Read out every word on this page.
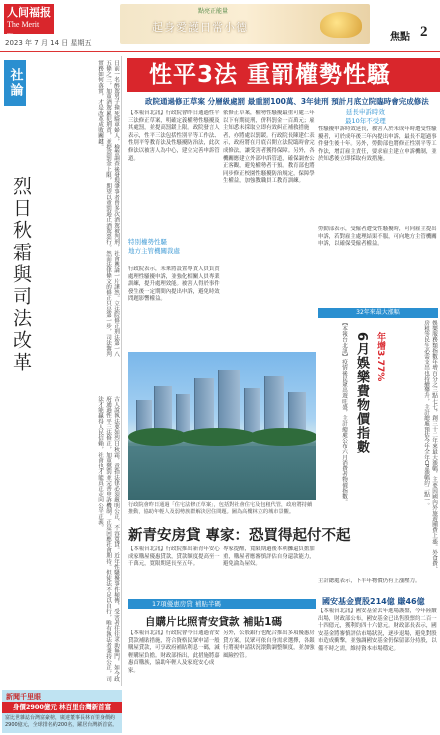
人间福报
The Merit Times
2023 年 7 月 14 日 星期五
點亮正能量
起身愛護日常小德
焦點 2
社論	日前一名醉駕男子撞死騎車婦人，檢警調查後發現肇事者曾多次酒駕被判刑，社會輿論一片譁然。立法院修正刑法第一八五條之三，加重酒駕累犯刑責，並提高罰金上限，期望以重罰遏止酒駕惡行。然而法律條文的修正只是第一步，司法審判實務如何落實，才是改革成敗關鍵。
烈日秋霜與司法改革
古人說執法要如烈日秋霜，意指法律必須嚴明公正、不容寬貸。近年性騷擾事件頻傳，受害者往往求助無門，如今政府通過性平三法修正，加重懲罰並完善申訴機制，正是回應社會期待。但徒法不足以自行，唯有執法者秉持公正，司法才能贏得人民信賴，社會也才能真正走向公平正義。
新聞千里眼
身價2900億元 林百里台灣新首富
富比世雜誌台灣富豪榜，廣達董事長林百里身價約2900億元，全球排名約200名，躍居台灣新首富。
性平3法 重罰權勢性騷
政院通過修正草案 分層級處罰 最重罰100萬、3年徒刑 預計月底立院臨時會完成修法
【本報台北訊】行政院會昨日通過性平三法修正草案，明確定義權勢性騷擾及其處罰，並提高罰鍰上限。政院發言人表示，性平三法包括性別平等工作法、性別平等教育法及性騷擾防治法，此次修法以被害人為中心，建立完善申訴管道。
特別權勢性騷
地方主管機關裁處
行政院表示，未來將設置專責人員負責處理性騷擾申訴，並強化相關人員專業訓練，提升處理效能。被害人得於事件發生後一定期間內提出申訴，避免時效問題影響權益。
依修正草案，權勢性騷擾最重可處三年以下有期徒刑，併科罰金一百萬元；雇主知悉未採取立即有效糾正補救措施者，亦將處以罰鍰。行政院長陳建仁表示，政府將在月底召開立法院臨時會完成修法，讓受害者獲得保障。另外，各機關應建立外部申訴管道，確保調查公正客觀，避免權勢者干預。教育部也將同步修正校園性騷擾防治規定，保障學生權益，加強教職員工教育訓練。
延長申訴時效
最10年不受理
性騷擾申訴時效延長，被害人於未成年時遭受性騷擾者，可於成年後三年內提出申訴，最長不超過事件發生後十年。另外，勞動部也將修正性別平等工作法，增訂雇主責任，要求雇主建立申訴機制，並於知悉後立即採取有效措施。
勞動部表示，受僱者遭受性騷擾時，可向雇主提出申訴，若對雇主處理結果不服，可向地方主管機關申訴，以確保受僱者權益。
32年來最大漲幅
【本報台北訊】疫情後民眾出遊旺盛，主計總處公布六月消費者物價指數。 6月娛樂費物價指數 年增3.77%	娛樂服務類指數年增百分之三點七七，創三十二年來最大漲幅，主要因國內外旅遊團費上漲。外食費、房租等民生必需支出也持續攀升，主計總處預估今年全年CPI漲幅約二點一。
主計總處表示，下半年物價仍有上漲壓力。
國安基金賣股214億 賺46億
【本報台北訊】國安基金去年進場護盤，今年陸續出場，財政部公布，國安基金已出售股票約二百一十四億元，獲利約四十六億元。財政部長表示，國安基金將審慎評估市場狀況，逐步退場，避免對股市造成衝擊，並強調國安基金仍保留部分持股，以備不時之需，維持資本市場穩定。
行政院會昨日通過「住宅法修正草案」，包括對社會住宅及包租代管，政府將持續推動，協助年輕人及弱勢族群解決居住問題。圖為高樓林立的城市景觀。
新青安房貸 專家：恐買得起付不起
【本報台北訊】行政院推出新青年安心成家購屋優惠貸款，貸款額度提高至一千萬元，寬限期延長至五年。
專家提醒，寬限期過後本利攤還負擔加重，購屋者應審慎評估自身還款能力，避免淪為屋奴。
17項優惠房貸 補貼半碼
自購片比照青安貸款 補貼1碼
【本報台北訊】行政院會今日通過青安貸款補貼措施，符合資格民眾申請一般購屋貸款，可享政府補貼利息一碼，減輕購屋負擔。財政部指出，此措施將嘉惠首購族，協助年輕人及家庭安心成家。
另外，公股銀行也配合推出多項優惠房貸方案，民眾可依自身需求選擇，各銀行將視申請狀況滾動調整額度，並加強風險控管。
